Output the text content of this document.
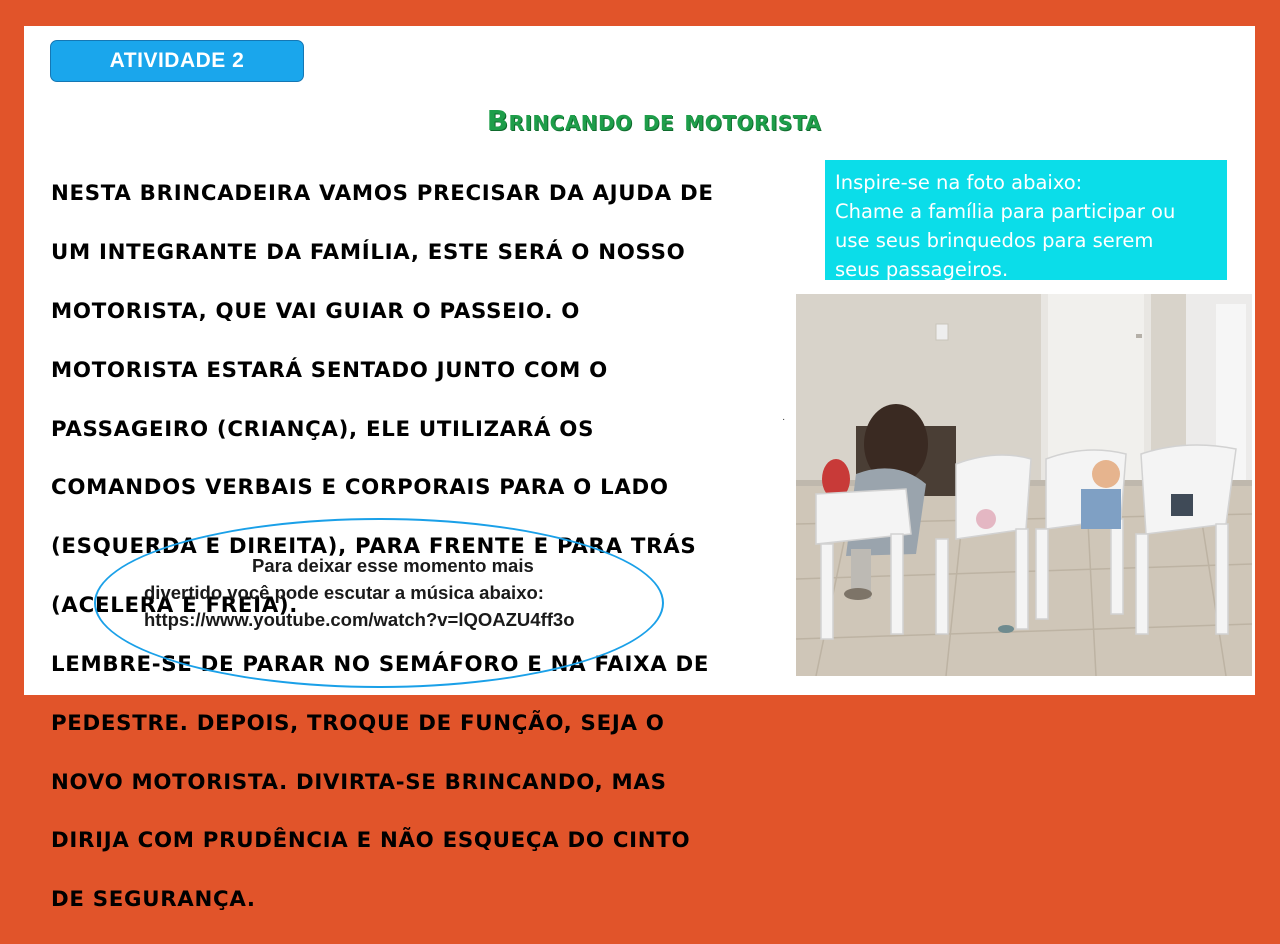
ATIVIDADE 2
Brincando de motorista

NESTA BRINCADEIRA VAMOS PRECISAR DA AJUDA DE

UM INTEGRANTE DA FAMÍLIA, ESTE SERÁ O NOSSO

MOTORISTA, QUE VAI GUIAR O PASSEIO. O

MOTORISTA ESTARÁ SENTADO JUNTO COM O

PASSAGEIRO (CRIANÇA), ELE UTILIZARÁ OS

COMANDOS VERBAIS E CORPORAIS PARA O LADO

(ESQUERDA E DIREITA), PARA FRENTE E PARA TRÁS

(ACELERA E FREIA).

LEMBRE-SE DE PARAR NO SEMÁFORO E NA FAIXA DE

PEDESTRE. DEPOIS, TROQUE DE FUNÇÃO, SEJA O

NOVO MOTORISTA. DIVIRTA-SE BRINCANDO, MAS

DIRIJA COM PRUDÊNCIA E NÃO ESQUEÇA DO CINTO

DE SEGURANÇA.

·
Inspire-se na foto abaixo:
Chame a família para participar ou
use seus brinquedos para serem
seus passageiros.
Para deixar esse momento mais
divertido você pode escutar a música abaixo:
https://www.youtube.com/watch?v=lQOAZU4ff3o
